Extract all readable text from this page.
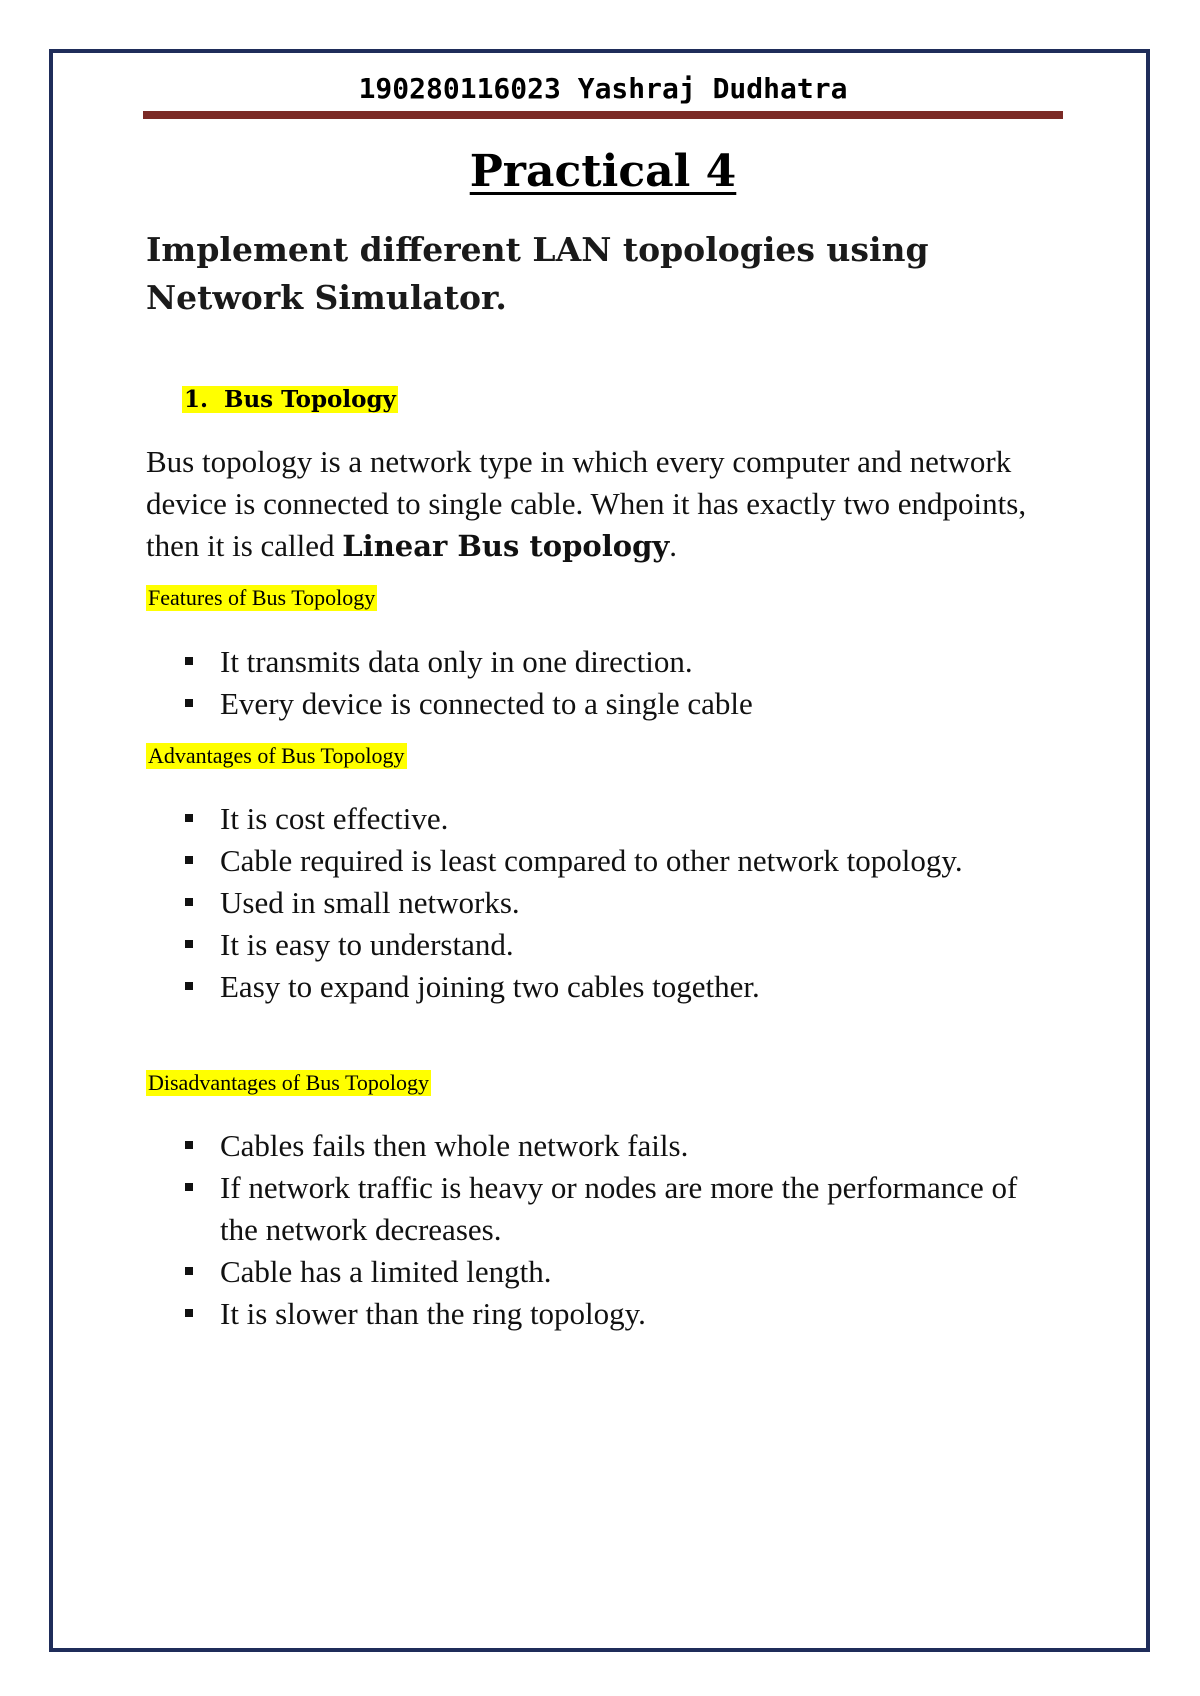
190280116023 Yashraj Dudhatra
Practical 4
Implement different LAN topologies using Network Simulator.
1. Bus Topology
Bus topology is a network type in which every computer and network device is connected to single cable. When it has exactly two endpoints, then it is called Linear Bus topology.
Features of Bus Topology
It transmits data only in one direction.
Every device is connected to a single cable
Advantages of Bus Topology
It is cost effective.
Cable required is least compared to other network topology.
Used in small networks.
It is easy to understand.
Easy to expand joining two cables together.
Disadvantages of Bus Topology
Cables fails then whole network fails.
If network traffic is heavy or nodes are more the performance of the network decreases.
Cable has a limited length.
It is slower than the ring topology.
